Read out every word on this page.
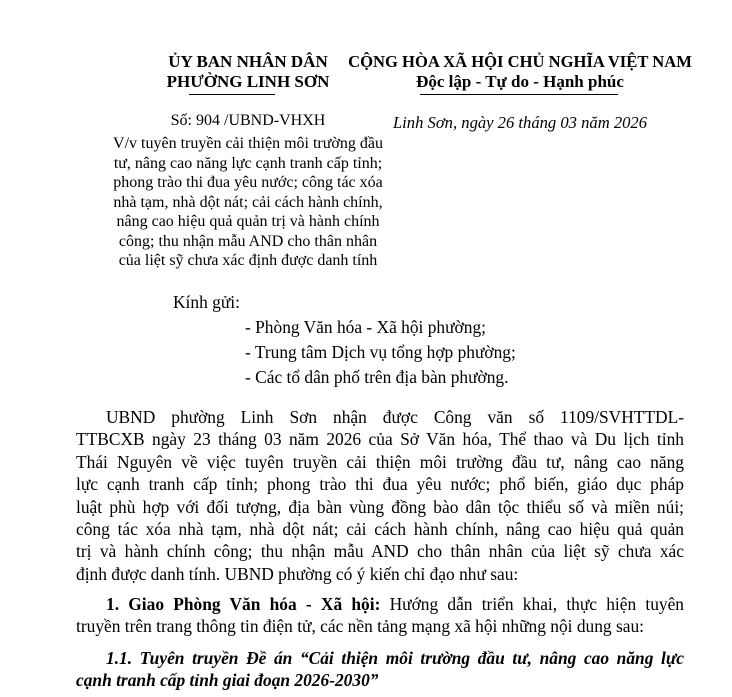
ỦY BAN NHÂN DÂN
PHƯỜNG LINH SƠN
Số: 904 /UBND-VHXH
V/v tuyên truyền cải thiện môi trường đầu
tư, nâng cao năng lực cạnh tranh cấp tỉnh;
phong trào thi đua yêu nước; công tác xóa
nhà tạm, nhà dột nát; cải cách hành chính,
nâng cao hiệu quả quản trị và hành chính
công; thu nhận mẫu AND cho thân nhân
của liệt sỹ chưa xác định được danh tính
CỘNG HÒA XÃ HỘI CHỦ NGHĨA VIỆT NAM
Độc lập - Tự do - Hạnh phúc
Linh Sơn, ngày 26 tháng 03 năm 2026
Kính gửi:
- Phòng Văn hóa - Xã hội phường;
- Trung tâm Dịch vụ tổng hợp phường;
- Các tổ dân phố trên địa bàn phường.
UBND phường Linh Sơn nhận được Công văn số 1109/SVHTTDL-
TTBCXB ngày 23 tháng 03 năm 2026 của Sở Văn hóa, Thể thao và Du lịch tỉnh
Thái Nguyên về việc tuyên truyền cải thiện môi trường đầu tư, nâng cao năng
lực cạnh tranh cấp tỉnh; phong trào thi đua yêu nước; phổ biến, giáo dục pháp
luật phù hợp với đối tượng, địa bàn vùng đồng bào dân tộc thiểu số và miền núi;
công tác xóa nhà tạm, nhà dột nát; cải cách hành chính, nâng cao hiệu quả quản
trị và hành chính công; thu nhận mẫu AND cho thân nhân của liệt sỹ chưa xác
định được danh tính. UBND phường có ý kiến chỉ đạo như sau:
1. Giao Phòng Văn hóa - Xã hội: Hướng dẫn triển khai, thực hiện tuyên
truyền trên trang thông tin điện tử, các nền tảng mạng xã hội những nội dung sau:
1.1. Tuyên truyền Đề án “Cải thiện môi trường đầu tư, nâng cao năng lực
cạnh tranh cấp tỉnh giai đoạn 2026-2030”
